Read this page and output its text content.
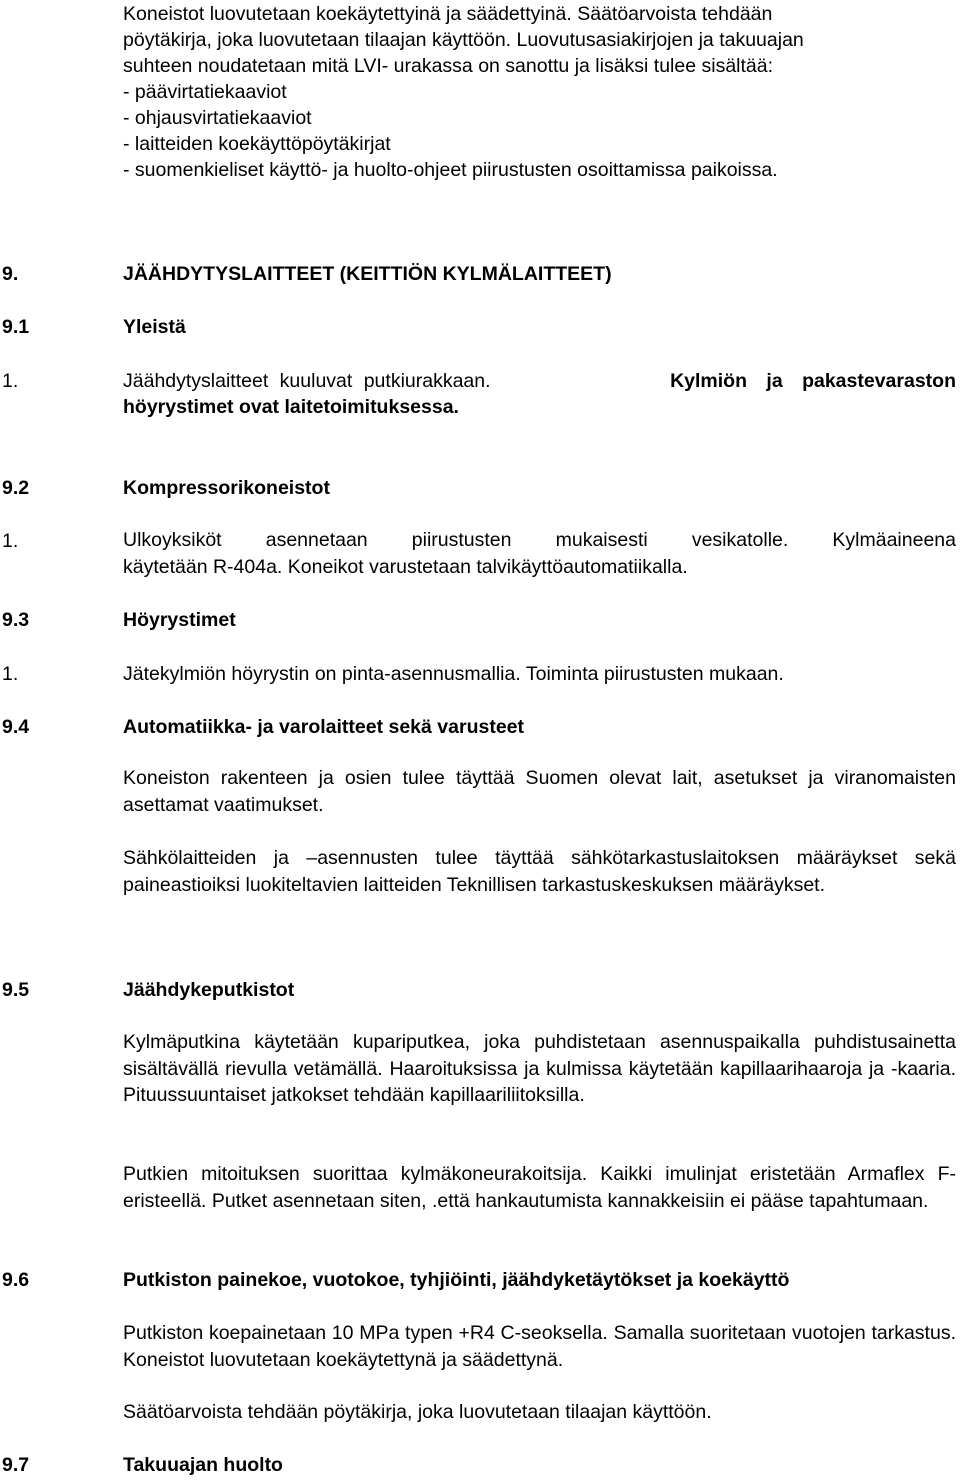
Koneistot luovutetaan koekäytettyinä ja säädettyinä. Säätöarvoista tehdään
pöytäkirja, joka luovutetaan tilaajan käyttöön. Luovutusasiakirjojen ja takuuajan
suhteen noudatetaan mitä LVI- urakassa on sanottu ja lisäksi tulee sisältää:
- päävirtatiekaaviot
- ohjausvirtatiekaaviot
- laitteiden koekäyttöpöytäkirjat
- suomenkieliset käyttö- ja huolto-ohjeet piirustusten osoittamissa paikoissa.
9.	JÄÄHDYTYSLAITTEET (KEITTIÖN KYLMÄLAITTEET)
9.1	Yleistä
1.	Jäähdytyslaitteet kuuluvat putkiurakkaan.	Kylmiön ja pakastevaraston
höyrystimet ovat laitetoimituksessa.
9.2	Kompressorikoneistot
1.	Ulkoyksiköt asennetaan piirustusten mukaisesti vesikatolle. Kylmäaineena
käytetään R-404a. Koneikot varustetaan talvikäyttöautomatiikalla.
9.3	Höyrystimet
1.	Jätekylmiön höyrystin on pinta-asennusmallia. Toiminta piirustusten mukaan.
9.4	Automatiikka- ja varolaitteet sekä varusteet
Koneiston rakenteen ja osien tulee täyttää Suomen olevat lait, asetukset ja viranomaisten asettamat vaatimukset.
Sähkölaitteiden ja –asennusten tulee täyttää sähkötarkastuslaitoksen määräykset sekä paineastioiksi luokiteltavien laitteiden Teknillisen tarkastuskeskuksen määräykset.
9.5	Jäähdykeputkistot
Kylmäputkina käytetään kupariputkea, joka puhdistetaan asennuspaikalla puhdistusainetta sisältävällä rievulla vetämällä. Haaroituksissa ja kulmissa käytetään kapillaarihaaroja ja -kaaria. Pituussuuntaiset jatkokset tehdään kapillaariliitoksilla.
Putkien mitoituksen suorittaa kylmäkoneurakoitsija. Kaikki imulinjat eristetään Armaflex F-eristeellä. Putket asennetaan siten, .että hankautumista kannakkeisiin ei pääse tapahtumaan.
9.6	Putkiston painekoe, vuotokoe, tyhjiöinti, jäähdyketäytökset ja koekäyttö
Putkiston koepainetaan 10 MPa typen +R4 C-seoksella. Samalla suoritetaan vuotojen tarkastus. Koneistot luovutetaan koekäytettynä ja säädettynä.
Säätöarvoista tehdään pöytäkirja, joka luovutetaan tilaajan käyttöön.
9.7	Takuuajan huolto
